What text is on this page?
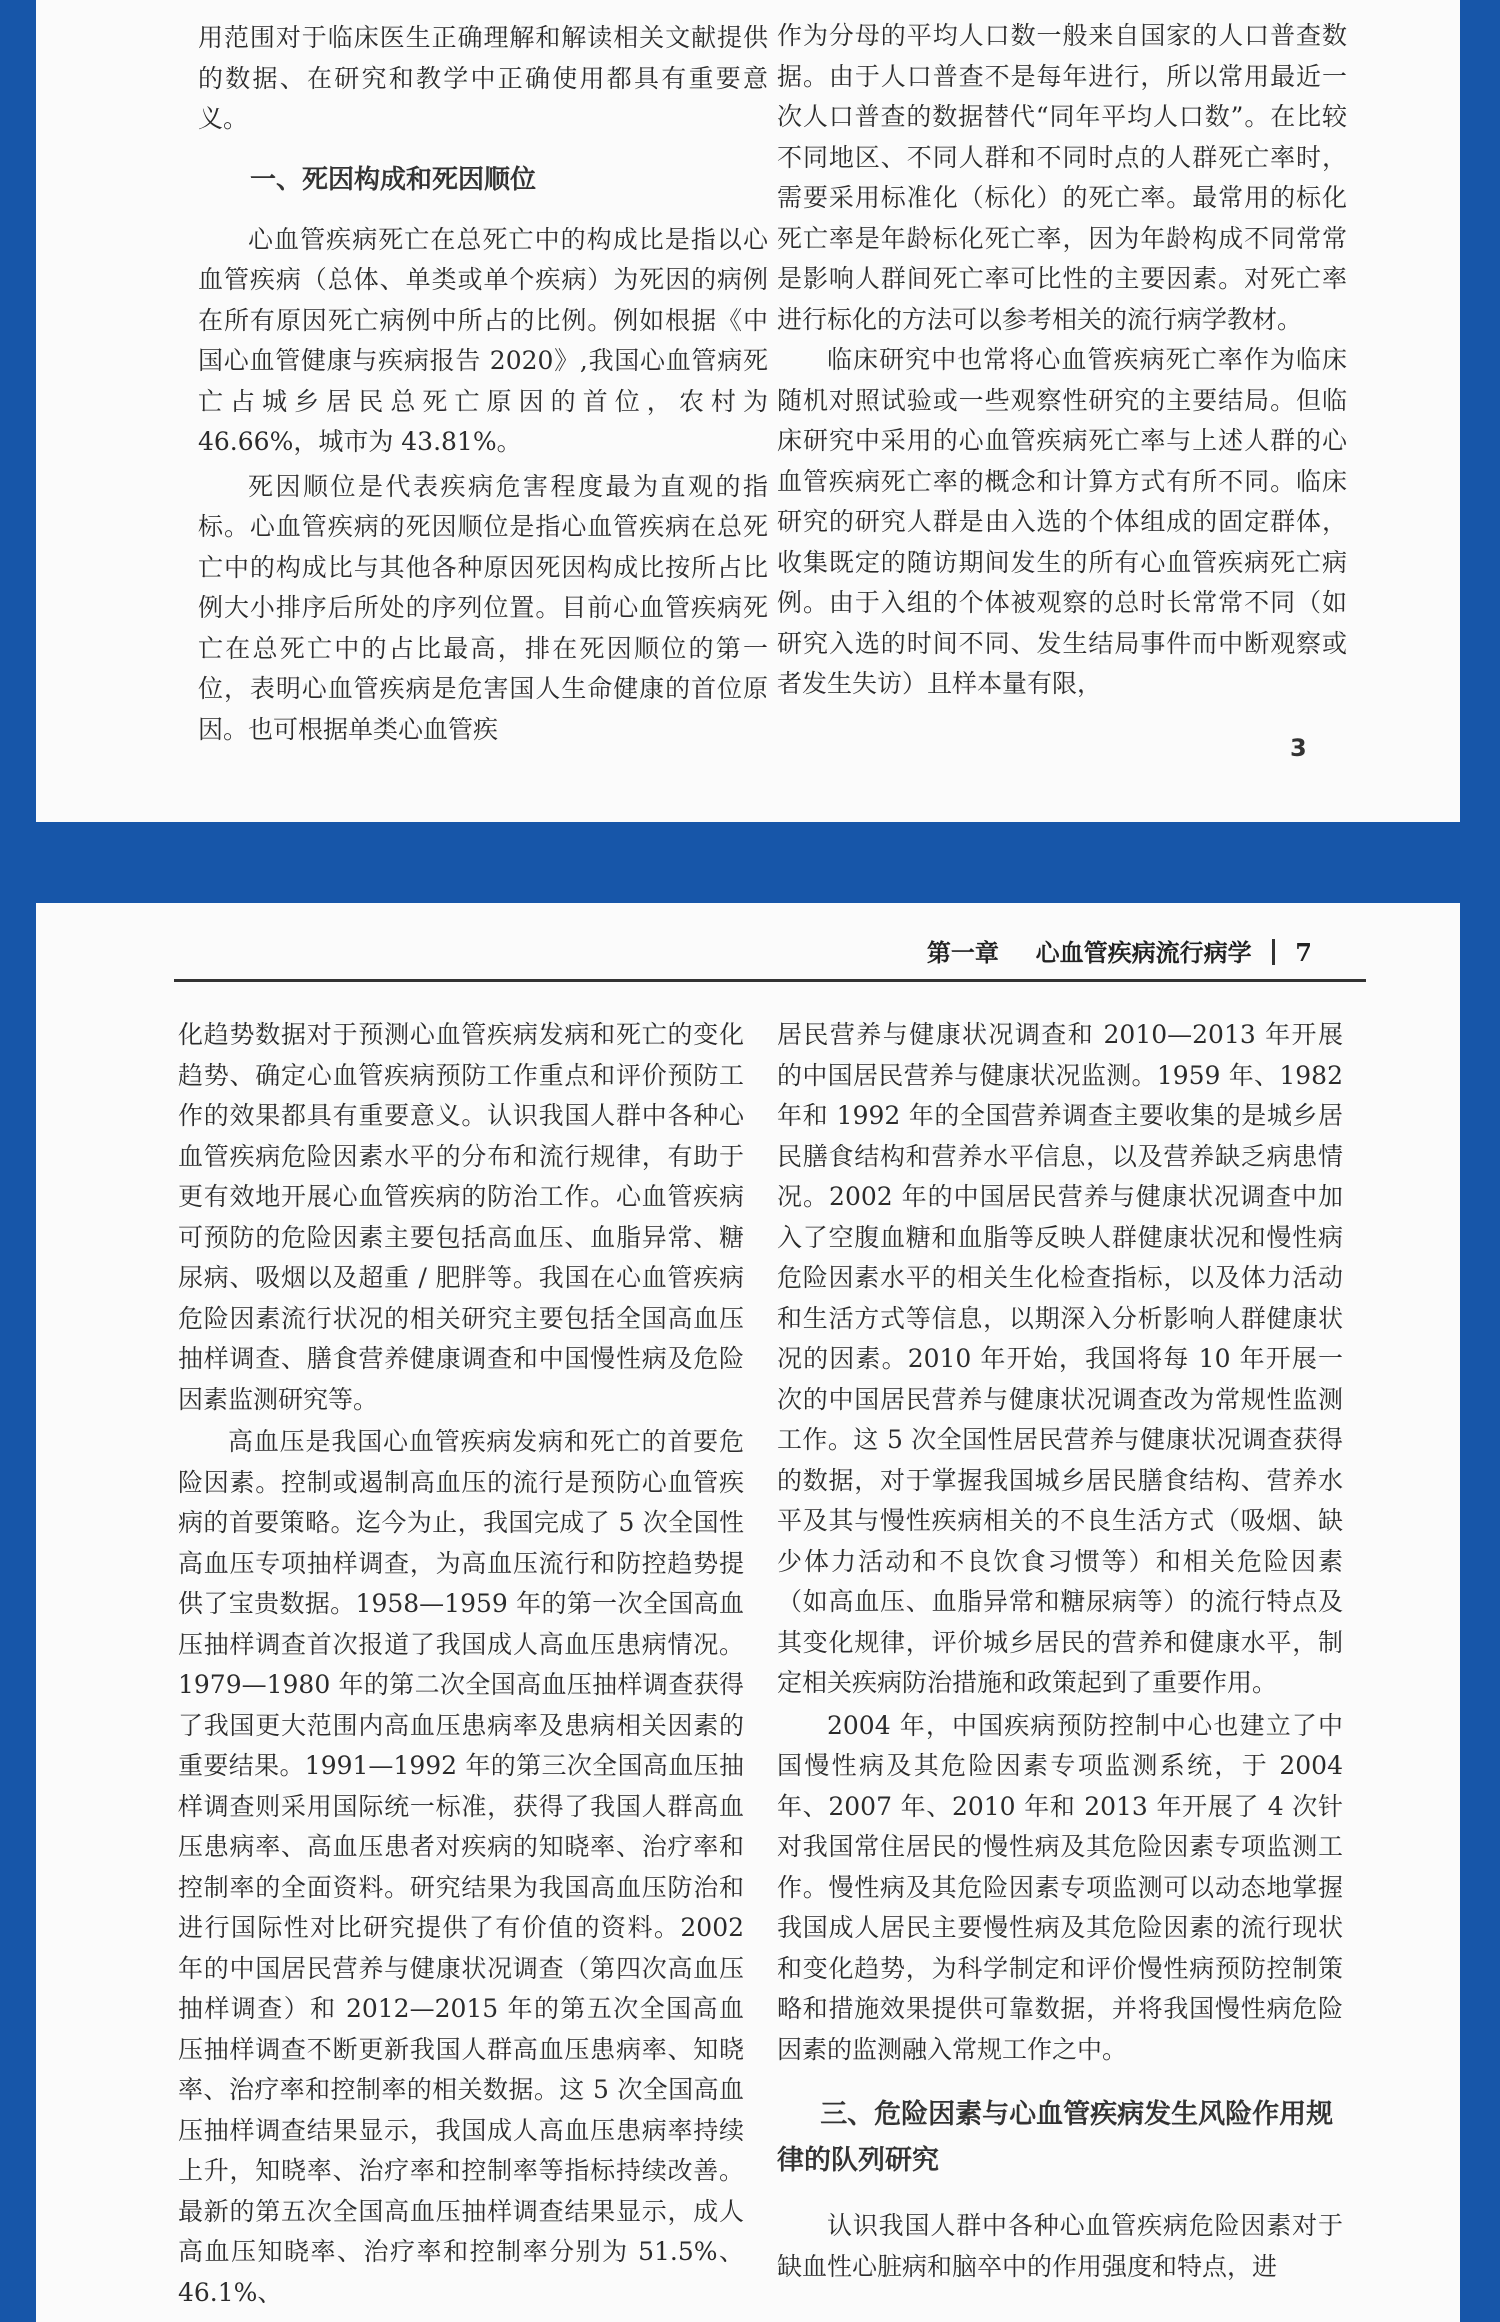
用范围对于临床医生正确理解和解读相关文献提供的数据、在研究和教学中正确使用都具有重要意义。

一、死因构成和死因顺位

心血管疾病死亡在总死亡中的构成比是指以心血管疾病（总体、单类或单个疾病）为死因的病例在所有原因死亡病例中所占的比例。例如根据《中国心血管健康与疾病报告 2020》,我国心血管病死亡占城乡居民总死亡原因的首位，农村为 46.66%，城市为 43.81%。

死因顺位是代表疾病危害程度最为直观的指标。心血管疾病的死因顺位是指心血管疾病在总死亡中的构成比与其他各种原因死因构成比按所占比例大小排序后所处的序列位置。目前心血管疾病死亡在总死亡中的占比最高，排在死因顺位的第一位，表明心血管疾病是危害国人生命健康的首位原因。也可根据单类心血管疾

作为分母的平均人口数一般来自国家的人口普查数据。由于人口普查不是每年进行，所以常用最近一次人口普查的数据替代“同年平均人口数”。在比较不同地区、不同人群和不同时点的人群死亡率时，需要采用标准化（标化）的死亡率。最常用的标化死亡率是年龄标化死亡率，因为年龄构成不同常常是影响人群间死亡率可比性的主要因素。对死亡率进行标化的方法可以参考相关的流行病学教材。

临床研究中也常将心血管疾病死亡率作为临床随机对照试验或一些观察性研究的主要结局。但临床研究中采用的心血管疾病死亡率与上述人群的心血管疾病死亡率的概念和计算方式有所不同。临床研究的研究人群是由入选的个体组成的固定群体，收集既定的随访期间发生的所有心血管疾病死亡病例。由于入组的个体被观察的总时长常常不同（如研究入选的时间不同、发生结局事件而中断观察或者发生失访）且样本量有限，

3
第一章 心血管疾病流行病学 7

化趋势数据对于预测心血管疾病发病和死亡的变化趋势、确定心血管疾病预防工作重点和评价预防工作的效果都具有重要意义。认识我国人群中各种心血管疾病危险因素水平的分布和流行规律，有助于更有效地开展心血管疾病的防治工作。心血管疾病可预防的危险因素主要包括高血压、血脂异常、糖尿病、吸烟以及超重 / 肥胖等。我国在心血管疾病危险因素流行状况的相关研究主要包括全国高血压抽样调查、膳食营养健康调查和中国慢性病及危险因素监测研究等。

高血压是我国心血管疾病发病和死亡的首要危险因素。控制或遏制高血压的流行是预防心血管疾病的首要策略。迄今为止，我国完成了 5 次全国性高血压专项抽样调查，为高血压流行和防控趋势提供了宝贵数据。1958—1959 年的第一次全国高血压抽样调查首次报道了我国成人高血压患病情况。1979—1980 年的第二次全国高血压抽样调查获得了我国更大范围内高血压患病率及患病相关因素的重要结果。1991—1992 年的第三次全国高血压抽样调查则采用国际统一标准，获得了我国人群高血压患病率、高血压患者对疾病的知晓率、治疗率和控制率的全面资料。研究结果为我国高血压防治和进行国际性对比研究提供了有价值的资料。2002 年的中国居民营养与健康状况调查（第四次高血压抽样调查）和 2012—2015 年的第五次全国高血压抽样调查不断更新我国人群高血压患病率、知晓率、治疗率和控制率的相关数据。这 5 次全国高血压抽样调查结果显示，我国成人高血压患病率持续上升，知晓率、治疗率和控制率等指标持续改善。最新的第五次全国高血压抽样调查结果显示，成人高血压知晓率、治疗率和控制率分别为 51.5%、46.1%、

居民营养与健康状况调查和 2010—2013 年开展的中国居民营养与健康状况监测。1959 年、1982 年和 1992 年的全国营养调查主要收集的是城乡居民膳食结构和营养水平信息，以及营养缺乏病患情况。2002 年的中国居民营养与健康状况调查中加入了空腹血糖和血脂等反映人群健康状况和慢性病危险因素水平的相关生化检查指标，以及体力活动和生活方式等信息，以期深入分析影响人群健康状况的因素。2010 年开始，我国将每 10 年开展一次的中国居民营养与健康状况调查改为常规性监测工作。这 5 次全国性居民营养与健康状况调查获得的数据，对于掌握我国城乡居民膳食结构、营养水平及其与慢性疾病相关的不良生活方式（吸烟、缺少体力活动和不良饮食习惯等）和相关危险因素（如高血压、血脂异常和糖尿病等）的流行特点及其变化规律，评价城乡居民的营养和健康水平，制定相关疾病防治措施和政策起到了重要作用。

2004 年，中国疾病预防控制中心也建立了中国慢性病及其危险因素专项监测系统，于 2004 年、2007 年、2010 年和 2013 年开展了 4 次针对我国常住居民的慢性病及其危险因素专项监测工作。慢性病及其危险因素专项监测可以动态地掌握我国成人居民主要慢性病及其危险因素的流行现状和变化趋势，为科学制定和评价慢性病预防控制策略和措施效果提供可靠数据，并将我国慢性病危险因素的监测融入常规工作之中。

三、危险因素与心血管疾病发生风险作用规律的队列研究

认识我国人群中各种心血管疾病危险因素对于缺血性心脏病和脑卒中的作用强度和特点，进
